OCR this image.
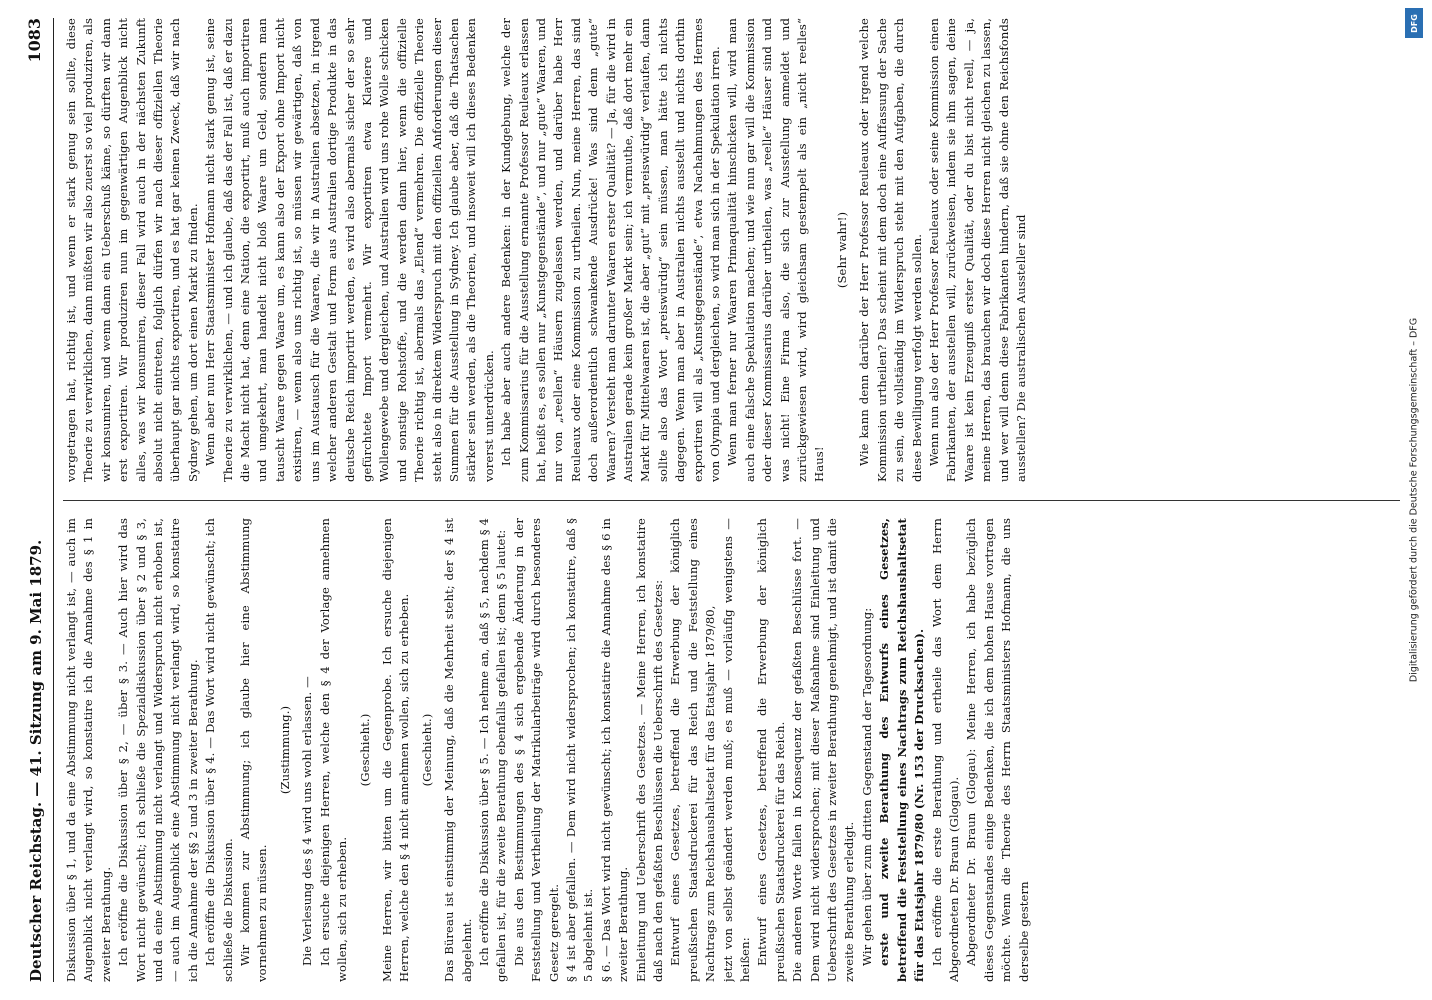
Deutscher Reichstag. — 41. Sitzung am 9. Mai 1879.
1083

Diskussion über § 1, und da eine Abstimmung nicht verlangt ist, — auch im Augenblick nicht verlangt wird, so konstatire ich die Annahme des § 1 in zweiter Berathung. Ich eröffne die Diskussion über § 2, — über § 3. — Auch hier wird das Wort nicht gewünscht; ich schließe die Spezialdiskussion über § 2 und § 3, und da eine Abstimmung nicht verlangt und Widerspruch nicht erhoben ist, — auch im Augenblick eine Abstimmung nicht verlangt wird, so konstatire ich die Annahme der §§ 2 und 3 in zweiter Berathung. Ich eröffne die Diskussion über § 4. — Das Wort wird nicht gewünscht; ich schließe die Diskussion. Wir kommen zur Abstimmung; ich glaube hier eine Abstimmung vornehmen zu müssen.

(Zustimmung.) Die Verlesung des § 4 wird uns wohl erlassen. — Ich ersuche diejenigen Herren, welche den § 4 der Vorlage annehmen wollen, sich zu erheben.

(Geschieht.) Meine Herren, wir bitten um die Gegenprobe. Ich ersuche diejenigen Herren, welche den § 4 nicht annehmen wollen, sich zu erheben. (Geschieht.) Das Büreau ist einstimmig der Meinung, daß die Mehrheit steht; der § 4 ist abgelehnt. Ich eröffne die Diskussion über § 5. — Ich nehme an, daß § 5, nachdem § 4 gefallen ist, für die zweite Berathung ebenfalls gefallen ist; denn § 5 lautet: Die aus den Bestimmungen des § 4 sich ergebende Änderung in der Feststellung und Vertheilung der Matrikularbeiträge wird durch besonderes Gesetz geregelt. § 4 ist aber gefallen. — Dem wird nicht widersprochen; ich konstatire, daß § 5 abgelehnt ist. § 6. — Das Wort wird nicht gewünscht; ich konstatire die Annahme des § 6 in zweiter Berathung. Einleitung und Ueberschrift des Gesetzes. — Meine Herren, ich konstatire daß nach den gefaßten Beschlüssen die Ueberschrift des Gesetzes: Entwurf eines Gesetzes, betreffend die Erwerbung der königlich preußischen Staatsdruckerei für das Reich und die Feststellung eines Nachtrags zum Reichshaushaltsetat für das Etatsjahr 1879/80, jetzt von selbst geändert werden muß; es muß — vorläufig wenigstens — heißen: Entwurf eines Gesetzes, betreffend die Erwerbung der königlich preußischen Staatsdruckerei für das Reich. Die anderen Worte fallen in Konsequenz der gefaßten Beschlüsse fort. — Dem wird nicht widersprochen; mit dieser Maßnahme sind Einleitung und Ueberschrift des Gesetzes in zweiter Berathung genehmigt, und ist damit die zweite Berathung erledigt. Wir gehen über zum dritten Gegenstand der Tagesordnung: erste und zweite Berathung des Entwurfs eines Gesetzes, betreffend die Feststellung eines Nachtrags zum Reichshaushaltsetat für das Etatsjahr 1879/80 (Nr. 153 der Drucksachen). Ich eröffne die erste Berathung und ertheile das Wort dem Herrn Abgeordneten Dr. Braun (Glogau). Abgeordneter Dr. Braun (Glogau): Meine Herren, ich habe bezüglich dieses Gegenstandes einige Bedenken, die ich dem hohen Hause vortragen möchte. Wenn die Theorie des Herrn Staatsministers Hofmann, die uns derselbe gestern

vorgetragen hat, richtig ist, und wenn er stark genug sein sollte, diese Theorie zu verwirklichen, dann müßten wir also zuerst so viel produziren, als wir konsumiren, und wenn dann ein Ueberschuß käme, so dürften wir dann erst exportiren. Wir produziren nun im gegenwärtigen Augenblick nicht alles, was wir konsumiren, dieser Fall wird auch in der nächsten Zukunft absolut nicht eintreten, folglich dürfen wir nach dieser offiziellen Theorie überhaupt gar nichts exportiren, und es hat gar keinen Zweck, daß wir nach Sydney gehen, um dort einen Markt zu finden. Wenn aber nun Herr Staatsminister Hofmann nicht stark genug ist, seine Theorie zu verwirklichen, — und ich glaube, daß das der Fall ist, daß er dazu die Macht nicht hat, denn eine Nation, die exportirt, muß auch importiren und umgekehrt, man handelt nicht bloß Waare um Geld, sondern man tauscht Waare gegen Waare um, es kann also der Export ohne Import nicht existiren, — wenn also uns richtig ist, so müssen wir gewärtigen, daß von uns im Austausch für die Waaren, die wir in Australien absetzen, in irgend welcher anderen Gestalt und Form aus Australien dortige Produkte in das deutsche Reich importirt werden, es wird also abermals sicher der so sehr gefürchtete Import vermehrt. Wir exportiren etwa Klaviere und Wollengewebe und dergleichen, und Australien wird uns rohe Wolle schicken und sonstige Rohstoffe, und die werden dann hier, wenn die offizielle Theorie richtig ist, abermals das „Elend“ vermehren. Die offizielle Theorie steht also in direktem Widerspruch mit den offiziellen Anforderungen dieser Summen für die Ausstellung in Sydney. Ich glaube aber, daß die Thatsachen stärker sein werden, als die Theorien, und insoweit will ich dieses Bedenken vorerst unterdrücken. Ich habe aber auch andere Bedenken: in der Kundgebung, welche der zum Kommissarius für die Ausstellung ernannte Professor Reuleaux erlassen hat, heißt es, es sollen nur „Kunstgegenstände“, und nur „gute“ Waaren, und nur von „reellen“ Häusern zugelassen werden, und darüber habe Herr Reuleaux oder eine Kommission zu urtheilen. Nun, meine Herren, das sind doch außerordentlich schwankende Ausdrücke! Was sind denn „gute“ Waaren? Versteht man darunter Waaren erster Qualität? — Ja, für die wird in Australien gerade kein großer Markt sein; ich vermuthe, daß dort mehr ein Markt für Mittelwaaren ist, die aber „gut“ mit „preiswürdig“ verlaufen, dann sollte also das Wort „preiswürdig“ sein müssen, man hätte ich nichts dagegen. Wenn man aber in Australien nichts ausstellt und nichts dorthin exportiren will als „Kunstgegenstände“, etwa Nachahmungen des Hermes von Olympia und dergleichen, so wird man sich in der Spekulation irren. Wenn man ferner nur Waaren Primaqualität hinschicken will, wird man auch eine falsche Spekulation machen; und wie nun gar will die Kommission oder dieser Kommissarius darüber urtheilen, was „reelle“ Häuser sind und was nicht! Eine Firma also, die sich zur Ausstellung anmeldet und zurückgewiesen wird, wird gleichsam gestempelt als ein „nicht reelles“ Haus!

(Sehr wahr!) Wie kann denn darüber der Herr Professor Reuleaux oder irgend welche Kommission urtheilen? Das scheint mit dem doch eine Auffassung der Sache zu sein, die vollständig im Widerspruch steht mit den Aufgaben, die durch diese Bewilligung verfolgt werden sollen. Wenn nun also der Herr Professor Reuleaux oder seine Kommission einen Fabrikanten, der ausstellen will, zurückweisen, indem sie ihm sagen, deine Waare ist kein Erzeugniß erster Qualität, oder du bist nicht reell, — ja, meine Herren, das brauchen wir doch diese Herren nicht gleichen zu lassen, und wer will denn diese Fabrikanten hindern, daß sie ohne den Reichsfonds ausstellen? Die australischen Aussteller sind

DFG
Digitalisierung gefördert durch die Deutsche Forschungsgemeinschaft – DFG
